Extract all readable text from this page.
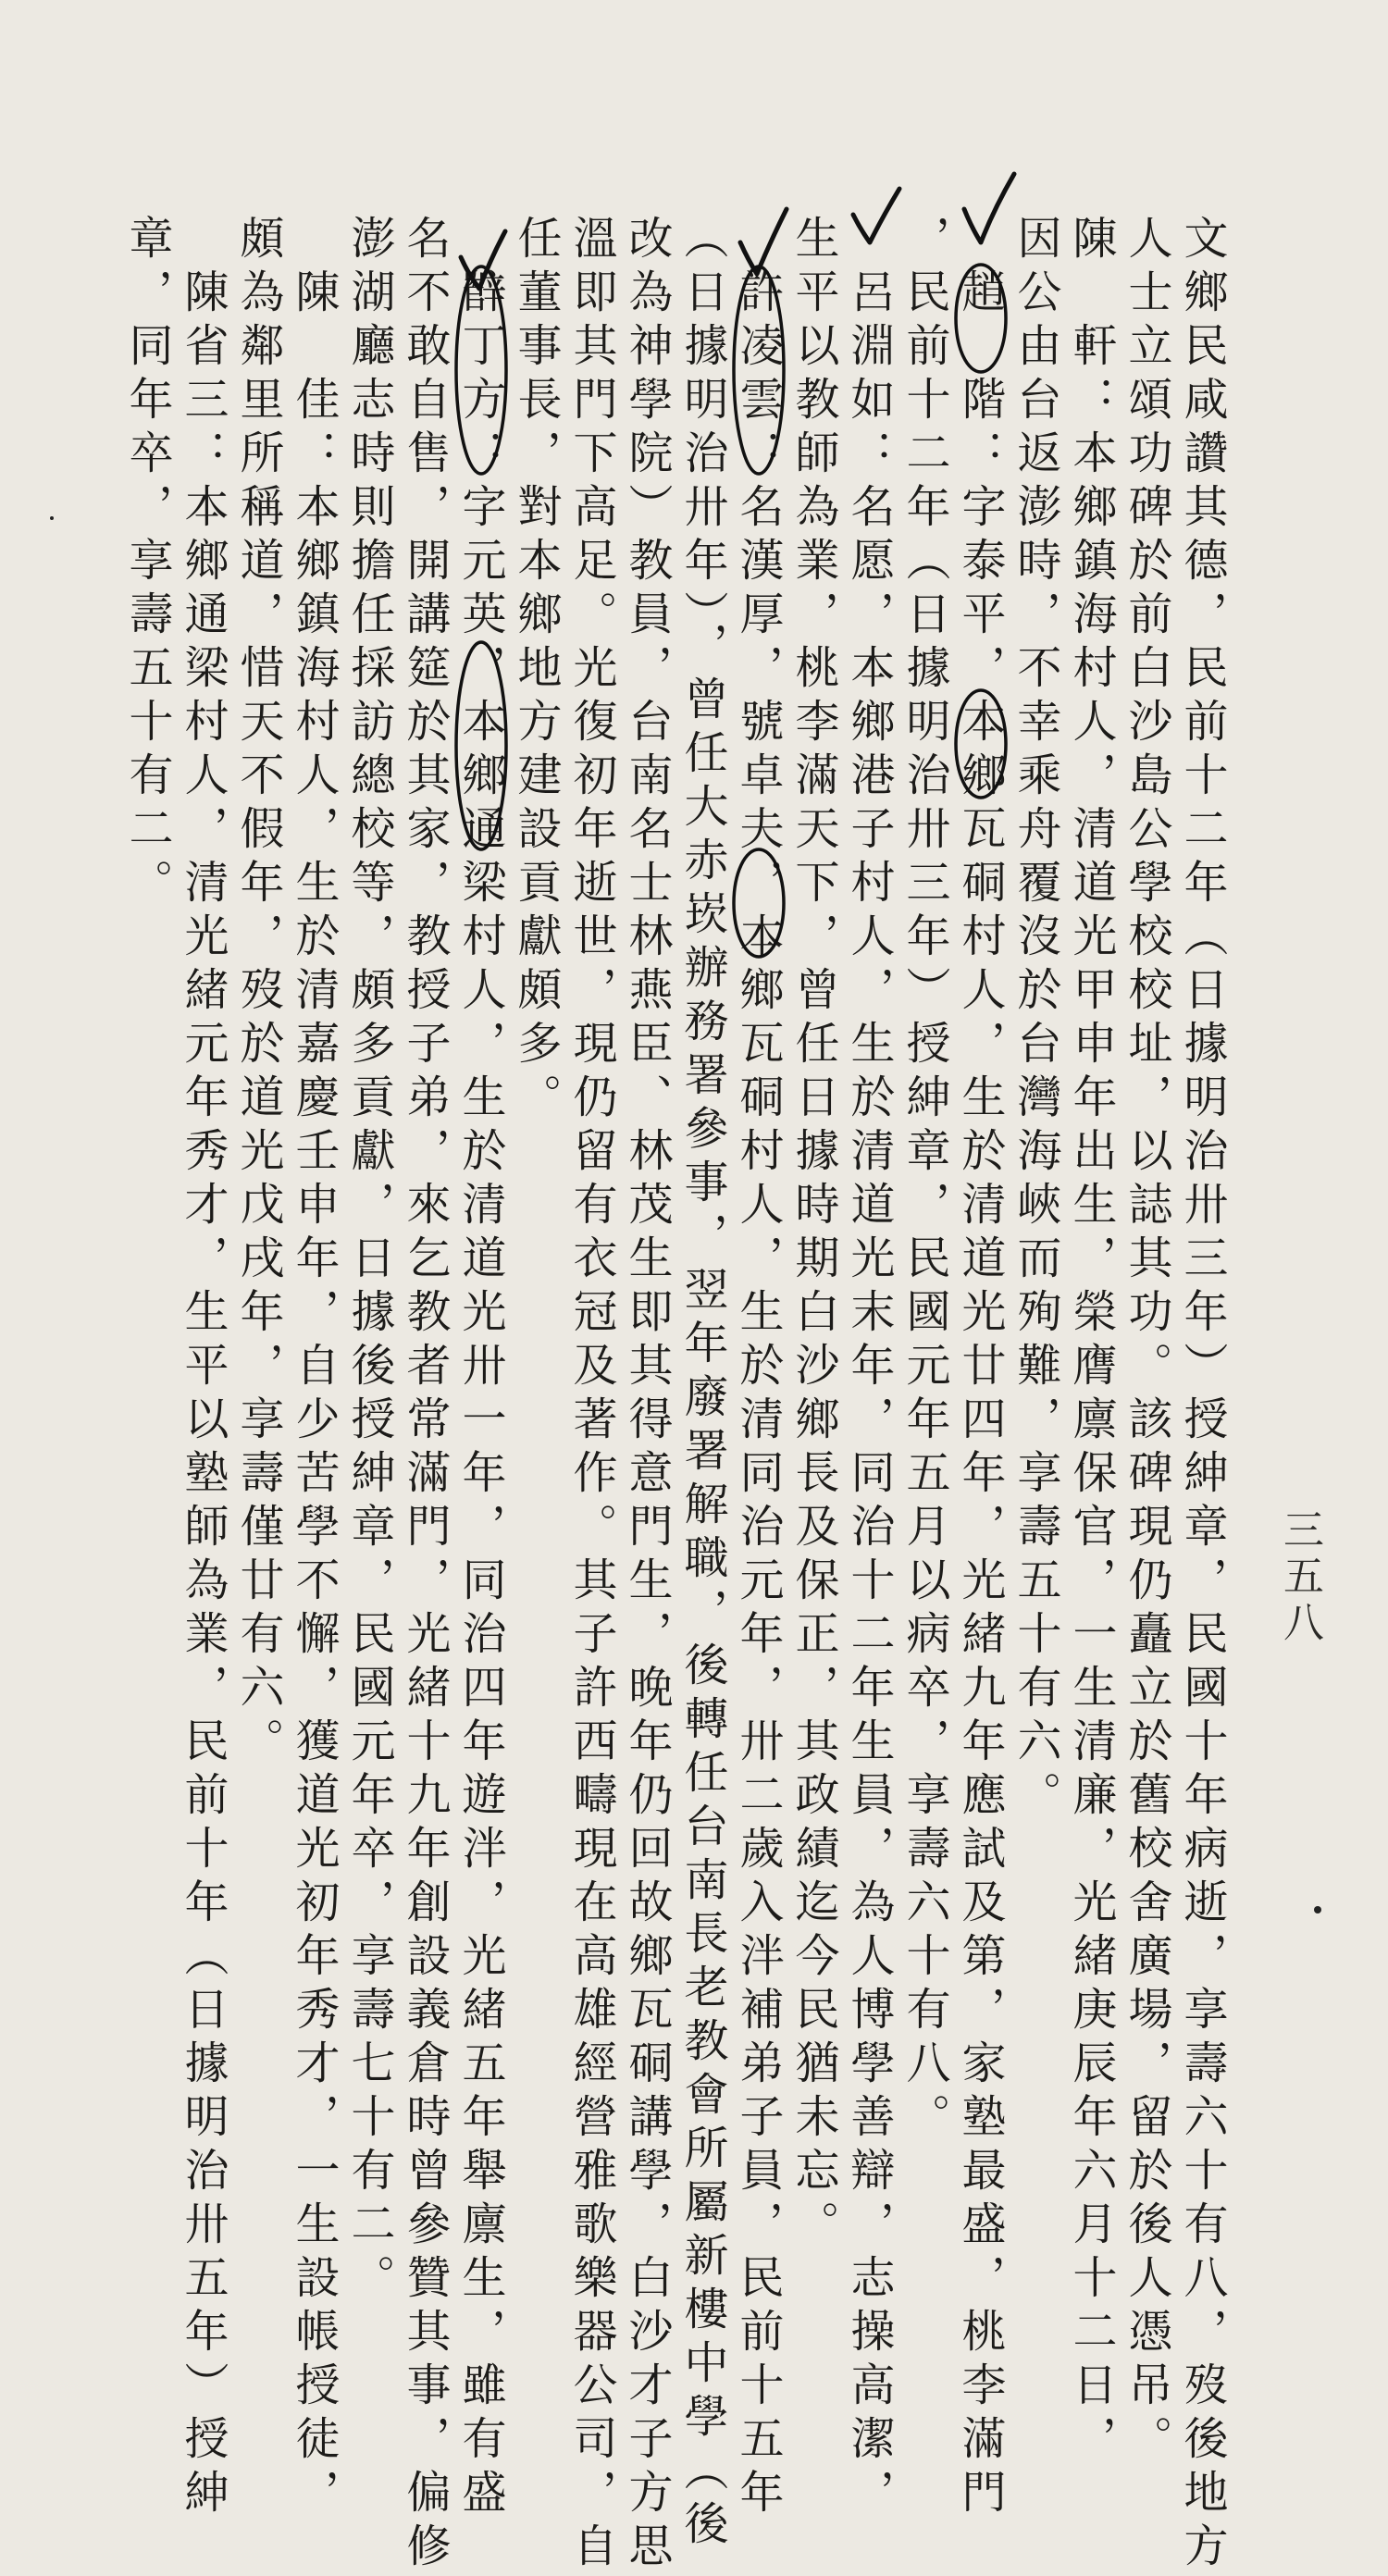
三五八
文鄉民咸讚其德，民前十二年（日據明治卅三年）授紳章，民國十年病逝，享壽六十有八，歿後地方
人士立頌功碑於前白沙島公學校校址，以誌其功。該碑現仍矗立於舊校舍廣場，留於後人憑吊。
陳　軒：本鄉鎮海村人，清道光甲申年出生，榮膺廪保官，一生清廉，光緒庚辰年六月十二日，
因公由台返澎時，不幸乘舟覆沒於台灣海峽而殉難，享壽五十有六。
趙　階：字泰平，本鄉瓦硐村人，生於清道光廿四年，光緒九年應試及第，家塾最盛，桃李滿門
，民前十二年（日據明治卅三年）授紳章，民國元年五月以病卒，享壽六十有八。
呂淵如：名愿，本鄉港子村人，生於清道光末年，同治十二年生員，為人博學善辯，志操高潔，
生平以教師為業，桃李滿天下，曾任日據時期白沙鄉長及保正，其政績迄今民猶未忘。
許凌雲：名漢厚，號卓夫，本鄉瓦硐村人，生於清同治元年，卅二歲入泮補弟子員，民前十五年
（日據明治卅年），曾任大赤崁辦務署參事，翌年廢署解職，後轉任台南長老教會所屬新樓中學（後
改為神學院）教員，台南名士林燕臣、林茂生即其得意門生，晚年仍回故鄉瓦硐講學，白沙才子方思
溫即其門下高足。光復初年逝世，現仍留有衣冠及著作。其子許西疇現在高雄經營雅歌樂器公司，自
任董事長，對本鄉地方建設貢獻頗多。
辥丁方：字元英，本鄉通梁村人，生於清道光卅一年，同治四年遊泮，光緒五年舉廪生，雖有盛
名不敢自售，開講筵於其家，教授子弟，來乞教者常滿門，光緒十九年創設義倉時曾參贊其事，偏修
澎湖廳志時則擔任採訪總校等，頗多貢獻，日據後授紳章，民國元年卒，享壽七十有二。
陳　佳：本鄉鎮海村人，生於清嘉慶壬申年，自少苦學不懈，獲道光初年秀才，一生設帳授徒，
頗為鄰里所稱道，惜天不假年，歿於道光戊戌年，享壽僅廿有六。
陳省三：本鄉通梁村人，清光緒元年秀才，生平以塾師為業，民前十年（日據明治卅五年）授紳
章，同年卒，享壽五十有二。
